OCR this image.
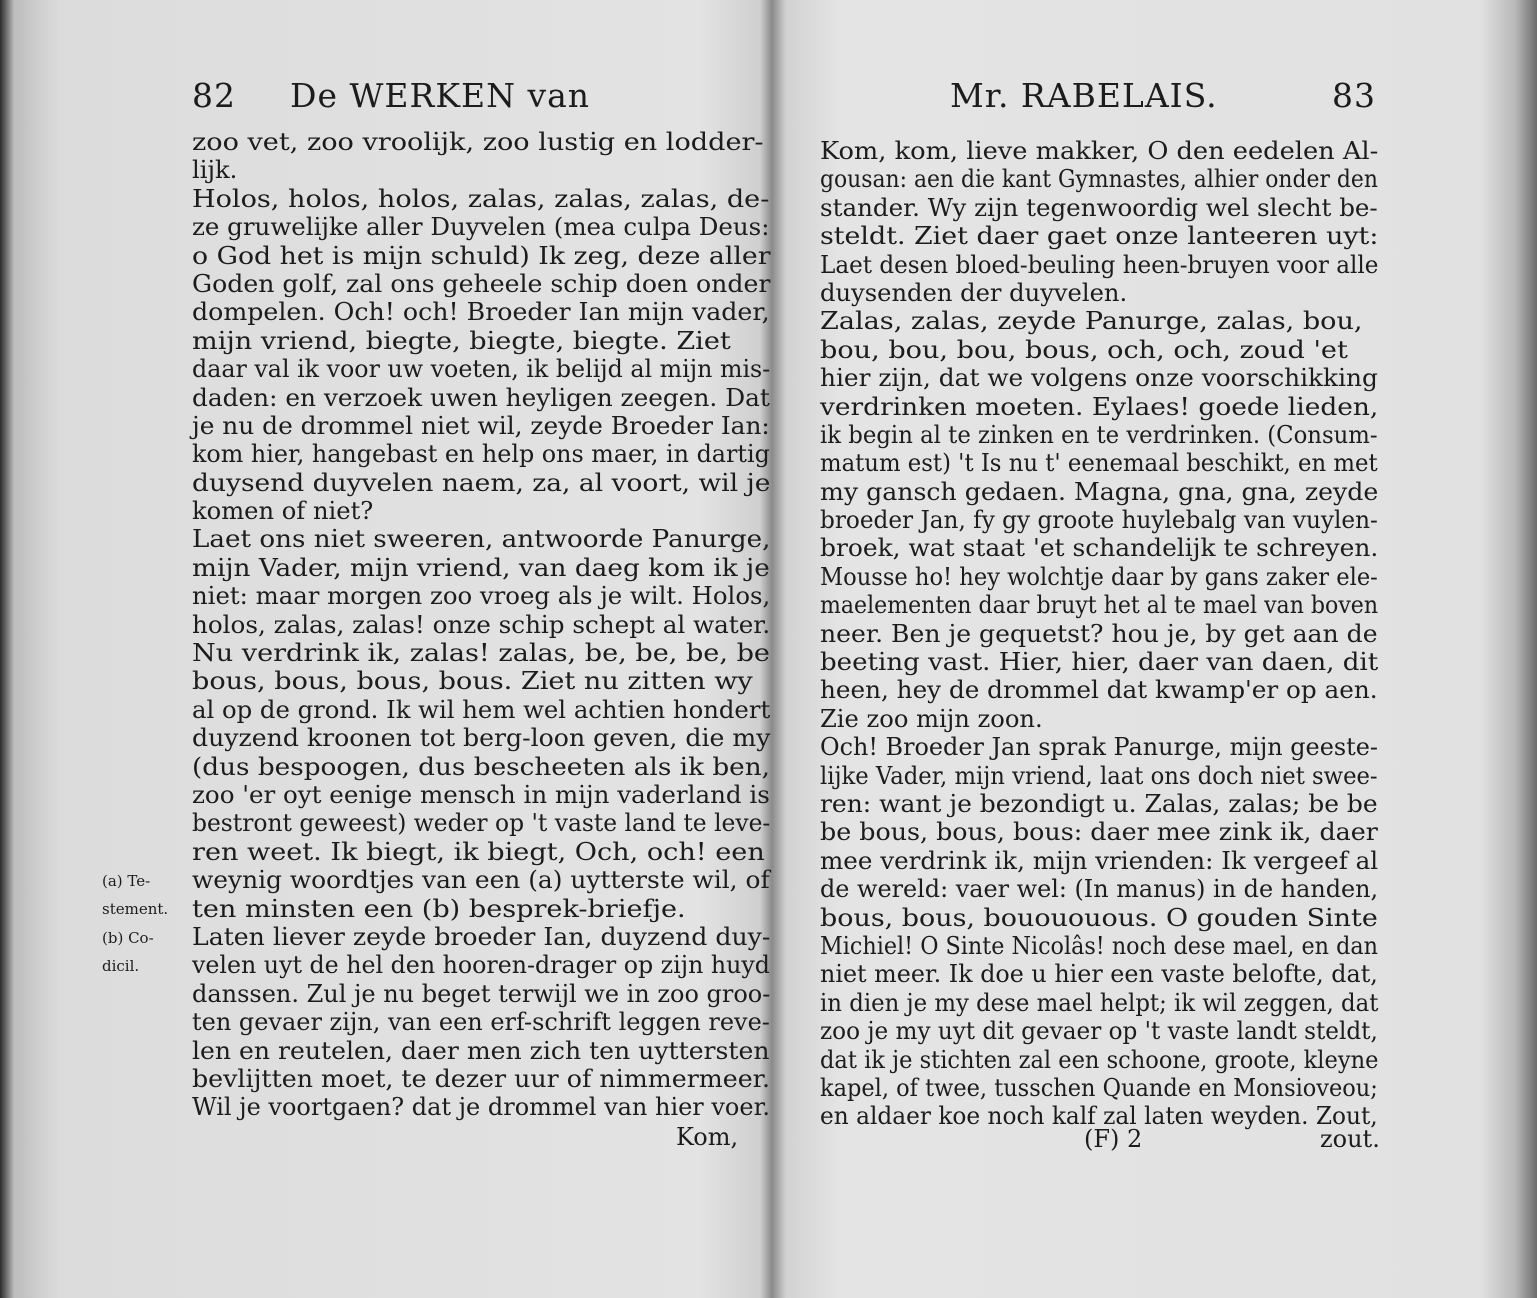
82 De WERKEN van
zoo vet, zoo vroolijk, zoo lustig en lodder-
lijk.
Holos, holos, holos, zalas, zalas, zalas, de-
ze gruwelijke aller Duyvelen (mea culpa Deus:
o God het is mijn schuld) Ik zeg, deze aller
Goden golf, zal ons geheele schip doen onder
dompelen. Och! och! Broeder Ian mijn vader,
mijn vriend, biegte, biegte, biegte. Ziet
daar val ik voor uw voeten, ik belijd al mijn mis-
daden: en verzoek uwen heyligen zeegen. Dat
je nu de drommel niet wil, zeyde Broeder Ian:
kom hier, hangebast en help ons maer, in dartig
duysend duyvelen naem, za, al voort, wil je
komen of niet?
Laet ons niet sweeren, antwoorde Panurge,
mijn Vader, mijn vriend, van daeg kom ik je
niet: maar morgen zoo vroeg als je wilt. Holos,
holos, zalas, zalas! onze schip schept al water.
Nu verdrink ik, zalas! zalas, be, be, be, be
bous, bous, bous, bous. Ziet nu zitten wy
al op de grond. Ik wil hem wel achtien hondert
duyzend kroonen tot berg-loon geven, die my
(dus bespoogen, dus bescheeten als ik ben,
zoo 'er oyt eenige mensch in mijn vaderland is
bestront geweest) weder op 't vaste land te leve-
ren weet. Ik biegt, ik biegt, Och, och! een
weynig woordtjes van een (a) uytterste wil, of
ten minsten een (b) besprek-briefje.
Laten liever zeyde broeder Ian, duyzend duy-
velen uyt de hel den hooren-drager op zijn huyd
danssen. Zul je nu beget terwijl we in zoo groo-
ten gevaer zijn, van een erf-schrift leggen reve-
len en reutelen, daer men zich ten uyttersten
bevlijtten moet, te dezer uur of nimmermeer.
Wil je voortgaen? dat je drommel van hier voer.
(a) Te-
stement.
(b) Co-
dicil.
Kom,
Mr. RABELAIS.	83
Kom, kom, lieve makker, O den eedelen Al-
gousan: aen die kant Gymnastes, alhier onder den
stander. Wy zijn tegenwoordig wel slecht be-
steldt. Ziet daer gaet onze lanteeren uyt:
Laet desen bloed-beuling heen-bruyen voor alle
duysenden der duyvelen.
Zalas, zalas, zeyde Panurge, zalas, bou,
bou, bou, bou, bous, och, och, zoud 'et
hier zijn, dat we volgens onze voorschikking
verdrinken moeten. Eylaes! goede lieden,
ik begin al te zinken en te verdrinken. (Consum-
matum est) 't Is nu t' eenemaal beschikt, en met
my gansch gedaen. Magna, gna, gna, zeyde
broeder Jan, fy gy groote huylebalg van vuylen-
broek, wat staat 'et schandelijk te schreyen.
Mousse ho! hey wolchtje daar by gans zaker ele-
maelementen daar bruyt het al te mael van boven
neer. Ben je gequetst? hou je, by get aan de
beeting vast. Hier, hier, daer van daen, dit
heen, hey de drommel dat kwamp'er op aen.
Zie zoo mijn zoon.
Och! Broeder Jan sprak Panurge, mijn geeste-
lijke Vader, mijn vriend, laat ons doch niet swee-
ren: want je bezondigt u. Zalas, zalas; be be
be bous, bous, bous: daer mee zink ik, daer
mee verdrink ik, mijn vrienden: Ik vergeef al
de wereld: vaer wel: (In manus) in de handen,
bous, bous, bouououous. O gouden Sinte
Michiel! O Sinte Nicolâs! noch dese mael, en dan
niet meer. Ik doe u hier een vaste belofte, dat,
in dien je my dese mael helpt; ik wil zeggen, dat
zoo je my uyt dit gevaer op 't vaste landt steldt,
dat ik je stichten zal een schoone, groote, kleyne
kapel, of twee, tusschen Quande en Monsioveou;
en aldaer koe noch kalf zal laten weyden. Zout,
(F) 2	zout.
